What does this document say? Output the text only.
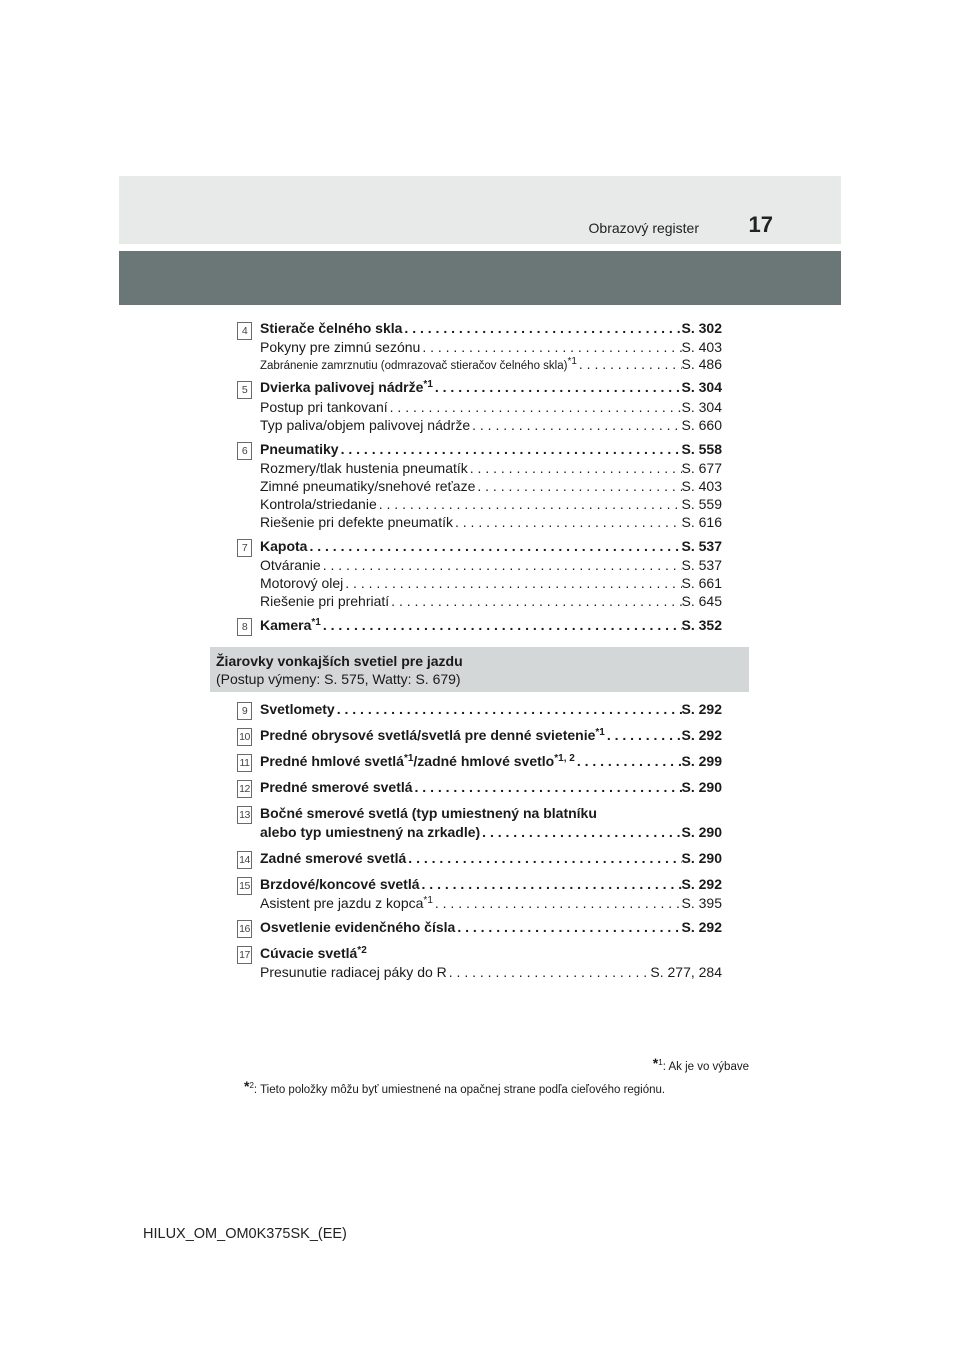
Obrazový register 17
4 Stierače čelného skla . . .	S. 302
Pokyny pre zimnú sezónu . . .	S. 403
Zabránenie zamrznutiu (odmrazovač stieračov čelného skla)$^{*1}$ . . .	S. 486
5 Dvierka palivovej nádrže$^{*1}$ . . .	S. 304
Postup pri tankovaní . . .	S. 304
Typ paliva/objem palivovej nádrže . . .	S. 660
6 Pneumatiky . . .	S. 558
Rozmery/tlak hustenia pneumatík . . .	S. 677
Zimné pneumatiky/snehové reťaze . . .	S. 403
Kontrola/striedanie . . .	S. 559
Riešenie pri defekte pneumatík . . .	S. 616
7 Kapota . . .	S. 537
Otváranie . . .	S. 537
Motorový olej . . .	S. 661
Riešenie pri prehriatí . . .	S. 645
8 Kamera$^{*1}$ . . .	S. 352
Žiarovky vonkajších svetiel pre jazdu
(Postup výmeny: S. 575, Watty: S. 679)
9 Svetlomety . . .	S. 292
10 Predné obrysové svetlá/svetlá pre denné svietenie$^{*1}$ . . .	S. 292
11 Predné hmlové svetlá$^{*1}$/zadné hmlové svetlo$^{*1, 2}$ . . .	S. 299
12 Predné smerové svetlá . . .	S. 290
13 Bočné smerové svetlá (typ umiestnený na blatníku
alebo typ umiestnený na zrkadle) . . .	S. 290
14 Zadné smerové svetlá . . .	S. 290
15 Brzdové/koncové svetlá . . .	S. 292
Asistent pre jazdu z kopca$^{*1}$ . . .	S. 395
16 Osvetlenie evidenčného čísla . . .	S. 292
17 Cúvacie svetlá$^{*2}$
Presunutie radiacej páky do R . . .	S. 277, 284
*$^1$: Ak je vo výbave
*$^2$: Tieto položky môžu byť umiestnené na opačnej strane podľa cieľového regiónu.
HILUX_OM_OM0K375SK_(EE)
